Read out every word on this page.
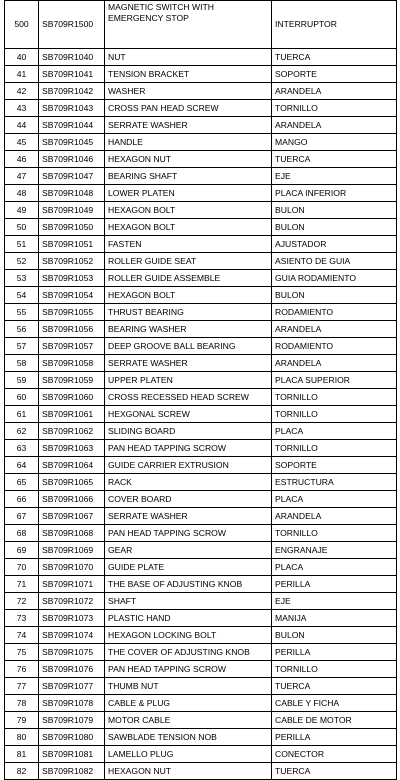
500	SB709R1500	MAGNETIC SWITCH WITH EMERGENCY STOP	INTERRUPTOR
40	SB709R1040	NUT	TUERCA
41	SB709R1041	TENSION BRACKET	SOPORTE
42	SB709R1042	WASHER	ARANDELA
43	SB709R1043	CROSS PAN HEAD SCREW	TORNILLO
44	SB709R1044	SERRATE WASHER	ARANDELA
45	SB709R1045	HANDLE	MANGO
46	SB709R1046	HEXAGON NUT	TUERCA
47	SB709R1047	BEARING SHAFT	EJE
48	SB709R1048	LOWER PLATEN	PLACA INFERIOR
49	SB709R1049	HEXAGON BOLT	BULON
50	SB709R1050	HEXAGON BOLT	BULON
51	SB709R1051	FASTEN	AJUSTADOR
52	SB709R1052	ROLLER GUIDE SEAT	ASIENTO DE GUIA
53	SB709R1053	ROLLER GUIDE ASSEMBLE	GUIA RODAMIENTO
54	SB709R1054	HEXAGON BOLT	BULON
55	SB709R1055	THRUST BEARING	RODAMIENTO
56	SB709R1056	BEARING WASHER	ARANDELA
57	SB709R1057	DEEP GROOVE BALL BEARING	RODAMIENTO
58	SB709R1058	SERRATE WASHER	ARANDELA
59	SB709R1059	UPPER PLATEN	PLACA SUPERIOR
60	SB709R1060	CROSS RECESSED HEAD SCREW	TORNILLO
61	SB709R1061	HEXGONAL SCREW	TORNILLO
62	SB709R1062	SLIDING BOARD	PLACA
63	SB709R1063	PAN HEAD TAPPING SCROW	TORNILLO
64	SB709R1064	GUIDE CARRIER EXTRUSION	SOPORTE
65	SB709R1065	RACK	ESTRUCTURA
66	SB709R1066	COVER BOARD	PLACA
67	SB709R1067	SERRATE WASHER	ARANDELA
68	SB709R1068	PAN HEAD TAPPING SCROW	TORNILLO
69	SB709R1069	GEAR	ENGRANAJE
70	SB709R1070	GUIDE PLATE	PLACA
71	SB709R1071	THE BASE OF ADJUSTING KNOB	PERILLA
72	SB709R1072	SHAFT	EJE
73	SB709R1073	PLASTIC HAND	MANIJA
74	SB709R1074	HEXAGON LOCKING BOLT	BULON
75	SB709R1075	THE COVER OF ADJUSTING KNOB	PERILLA
76	SB709R1076	PAN HEAD TAPPING SCROW	TORNILLO
77	SB709R1077	THUMB NUT	TUERCA
78	SB709R1078	CABLE & PLUG	CABLE Y FICHA
79	SB709R1079	MOTOR CABLE	CABLE DE MOTOR
80	SB709R1080	SAWBLADE TENSION NOB	PERILLA
81	SB709R1081	LAMELLO PLUG	CONECTOR
82	SB709R1082	HEXAGON NUT	TUERCA
